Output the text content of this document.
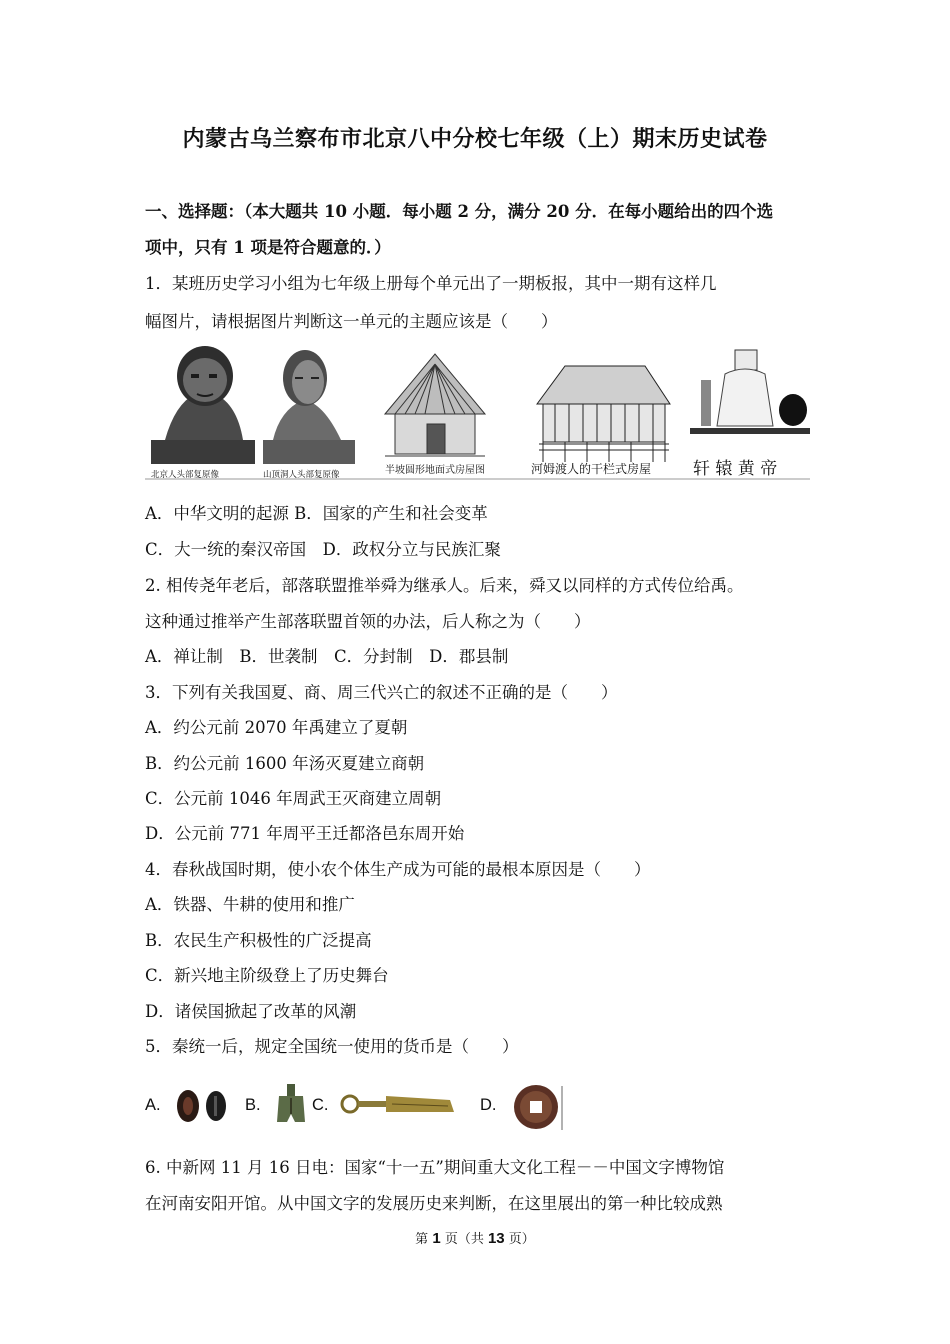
内蒙古乌兰察布市北京八中分校七年级（上）期末历史试卷
一、选择题：（本大题共 10 小题．每小题 2 分，满分 20 分．在每小题给出的四个选
项中，只有 1 项是符合题意的．）
1．某班历史学习小组为七年级上册每个单元出了一期板报，其中一期有这样几
幅图片，请根据图片判断这一单元的主题应该是（　　）
北京人头部复原像	山顶洞人头部复原像	半坡圆形地面式房屋图	河姆渡人的干栏式房屋 轩 辕 黄 帝
A．中华文明的起源 B．国家的产生和社会变革
C．大一统的秦汉帝国　D．政权分立与民族汇聚
2. 相传尧年老后，部落联盟推举舜为继承人。后来，舜又以同样的方式传位给禹。
这种通过推举产生部落联盟首领的办法，后人称之为（　　）
A．禅让制　B．世袭制　C．分封制　D．郡县制
3．下列有关我国夏、商、周三代兴亡的叙述不正确的是（　　）
A．约公元前 2070 年禹建立了夏朝
B．约公元前 1600 年汤灭夏建立商朝
C．公元前 1046 年周武王灭商建立周朝
D．公元前 771 年周平王迁都洛邑东周开始
4．春秋战国时期，使小农个体生产成为可能的最根本原因是（　　）
A．铁器、牛耕的使用和推广
B．农民生产积极性的广泛提高
C．新兴地主阶级登上了历史舞台
D．诸侯国掀起了改革的风潮
5．秦统一后，规定全国统一使用的货币是（　　）
A.	B.	C.	D.
6. 中新网 11 月 16 日电：国家“十一五”期间重大文化工程－－中国文字博物馆
在河南安阳开馆。从中国文字的发展历史来判断，在这里展出的第一种比较成熟
第 1 页（共 13 页）
